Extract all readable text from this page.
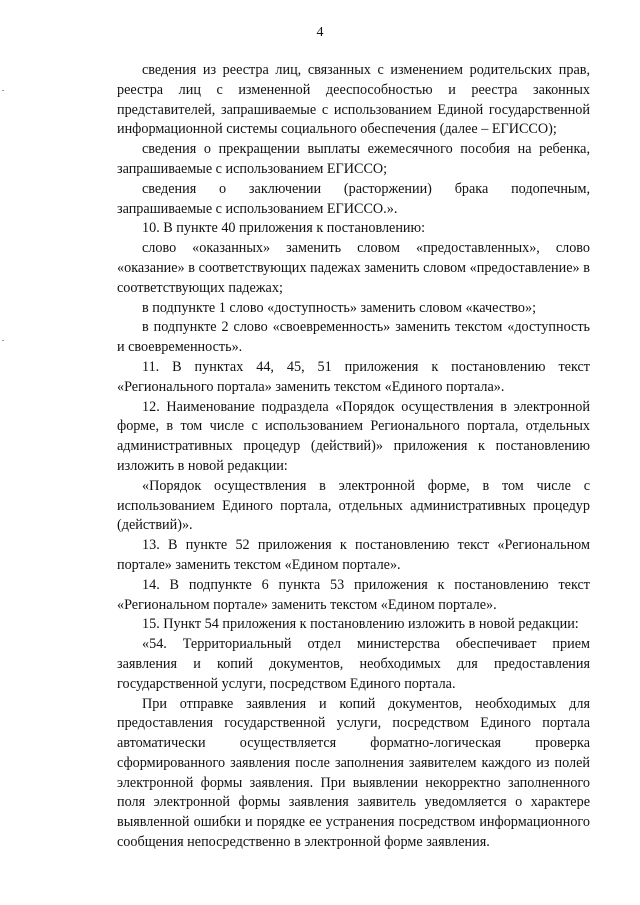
4

сведения из реестра лиц, связанных с изменением родительских прав, реестра лиц с измененной дееспособностью и реестра законных представителей, запрашиваемые с использованием Единой государственной информационной системы социального обеспечения (далее – ЕГИССО);

сведения о прекращении выплаты ежемесячного пособия на ребенка, запрашиваемые с использованием ЕГИССО;

сведения о заключении (расторжении) брака подопечным, запрашиваемые с использованием ЕГИССО.».

10. В пункте 40 приложения к постановлению:

слово «оказанных» заменить словом «предоставленных», слово «оказание» в соответствующих падежах заменить словом «предоставление» в соответствующих падежах;

в подпункте 1 слово «доступность» заменить словом «качество»;

в подпункте 2 слово «своевременность» заменить текстом «доступность и своевременность».

11. В пунктах 44, 45, 51 приложения к постановлению текст «Регионального портала» заменить текстом «Единого портала».

12. Наименование подраздела «Порядок осуществления в электронной форме, в том числе с использованием Регионального портала, отдельных административных процедур (действий)» приложения к постановлению изложить в новой редакции:

«Порядок осуществления в электронной форме, в том числе с использованием Единого портала, отдельных административных процедур (действий)».

13. В пункте 52 приложения к постановлению текст «Региональном портале» заменить текстом «Едином портале».

14. В подпункте 6 пункта 53 приложения к постановлению текст «Региональном портале» заменить текстом «Едином портале».

15. Пункт 54 приложения к постановлению изложить в новой редакции:

«54. Территориальный отдел министерства обеспечивает прием заявления и копий документов, необходимых для предоставления государственной услуги, посредством Единого портала.

При отправке заявления и копий документов, необходимых для предоставления государственной услуги, посредством Единого портала автоматически осуществляется форматно-логическая проверка сформированного заявления после заполнения заявителем каждого из полей электронной формы заявления. При выявлении некорректно заполненного поля электронной формы заявления заявитель уведомляется о характере выявленной ошибки и порядке ее устранения посредством информационного сообщения непосредственно в электронной форме заявления.
